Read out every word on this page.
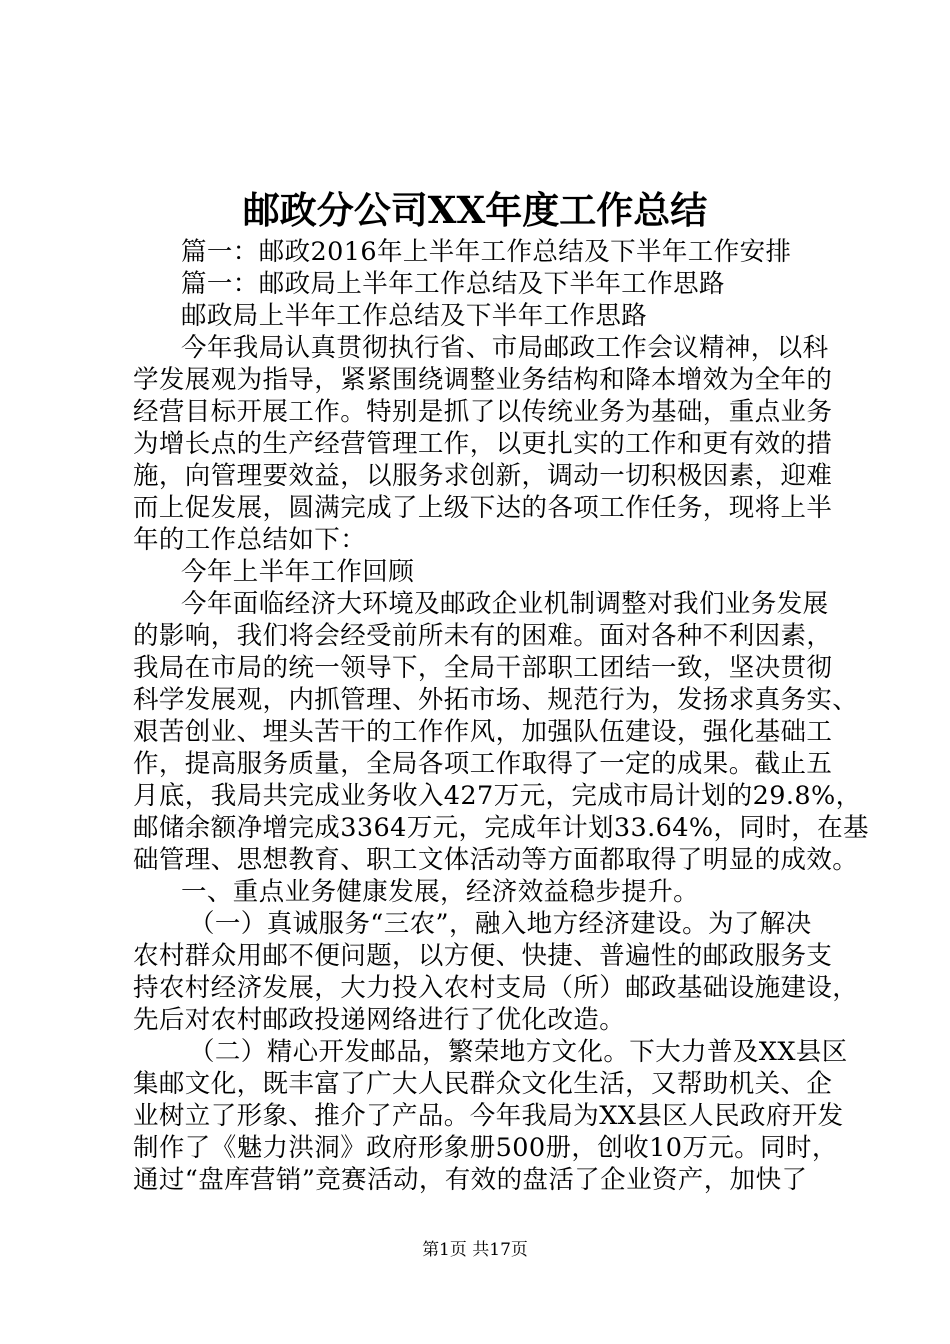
邮政分公司XX年度工作总结
篇一：邮政2016年上半年工作总结及下半年工作安排
篇一：邮政局上半年工作总结及下半年工作思路
邮政局上半年工作总结及下半年工作思路
今年我局认真贯彻执行省、市局邮政工作会议精神，以科
学发展观为指导，紧紧围绕调整业务结构和降本增效为全年的
经营目标开展工作。特别是抓了以传统业务为基础，重点业务
为增长点的生产经营管理工作，以更扎实的工作和更有效的措
施，向管理要效益，以服务求创新，调动一切积极因素，迎难
而上促发展，圆满完成了上级下达的各项工作任务，现将上半
年的工作总结如下：
今年上半年工作回顾
今年面临经济大环境及邮政企业机制调整对我们业务发展
的影响，我们将会经受前所未有的困难。面对各种不利因素，
我局在市局的统一领导下，全局干部职工团结一致，坚决贯彻
科学发展观，内抓管理、外拓市场、规范行为，发扬求真务实、
艰苦创业、埋头苦干的工作作风，加强队伍建设，强化基础工
作，提高服务质量，全局各项工作取得了一定的成果。截止五
月底，我局共完成业务收入427万元，完成市局计划的29.8%，
邮储余额净增完成3364万元，完成年计划33.64%，同时，在基
础管理、思想教育、职工文体活动等方面都取得了明显的成效。
一、重点业务健康发展，经济效益稳步提升。
（一）真诚服务“三农”，融入地方经济建设。为了解决
农村群众用邮不便问题，以方便、快捷、普遍性的邮政服务支
持农村经济发展，大力投入农村支局（所）邮政基础设施建设，
先后对农村邮政投递网络进行了优化改造。
（二）精心开发邮品，繁荣地方文化。下大力普及XX县区
集邮文化，既丰富了广大人民群众文化生活，又帮助机关、企
业树立了形象、推介了产品。今年我局为XX县区人民政府开发
制作了《魅力洪洞》政府形象册500册，创收10万元。同时，
通过“盘库营销”竞赛活动，有效的盘活了企业资产，加快了
第1页 共17页
